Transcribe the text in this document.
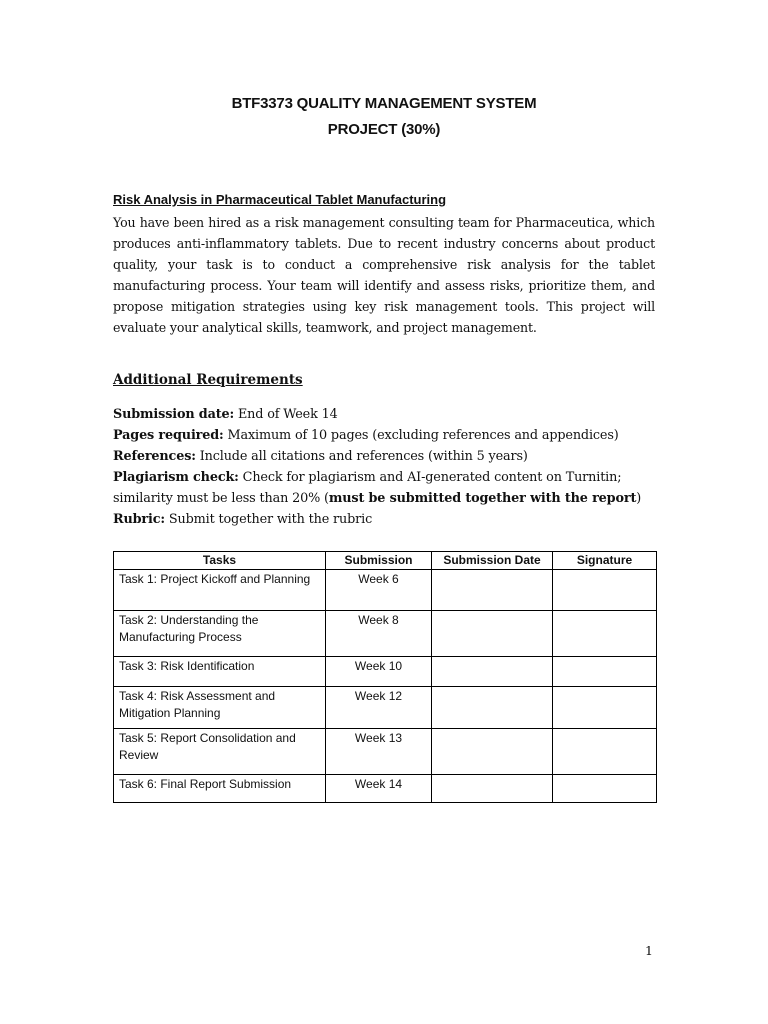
BTF3373 QUALITY MANAGEMENT SYSTEM
PROJECT (30%)
Risk Analysis in Pharmaceutical Tablet Manufacturing

You have been hired as a risk management consulting team for Pharmaceutica, which produces anti-inflammatory tablets. Due to recent industry concerns about product quality, your task is to conduct a comprehensive risk analysis for the tablet manufacturing process. Your team will identify and assess risks, prioritize them, and propose mitigation strategies using key risk management tools. This project will evaluate your analytical skills, teamwork, and project management.

Additional Requirements
Submission date: End of Week 14
Pages required: Maximum of 10 pages (excluding references and appendices)
References: Include all citations and references (within 5 years)
Plagiarism check: Check for plagiarism and AI-generated content on Turnitin;
similarity must be less than 20% (must be submitted together with the report)
Rubric: Submit together with the rubric
Tasks	Submission	Submission Date	Signature
Task 1: Project Kickoff and Planning	Week 6		
Task 2: Understanding the Manufacturing Process	Week 8		
Task 3: Risk Identification	Week 10		
Task 4: Risk Assessment and Mitigation Planning	Week 12		
Task 5: Report Consolidation and Review	Week 13		
Task 6: Final Report Submission	Week 14		
1
